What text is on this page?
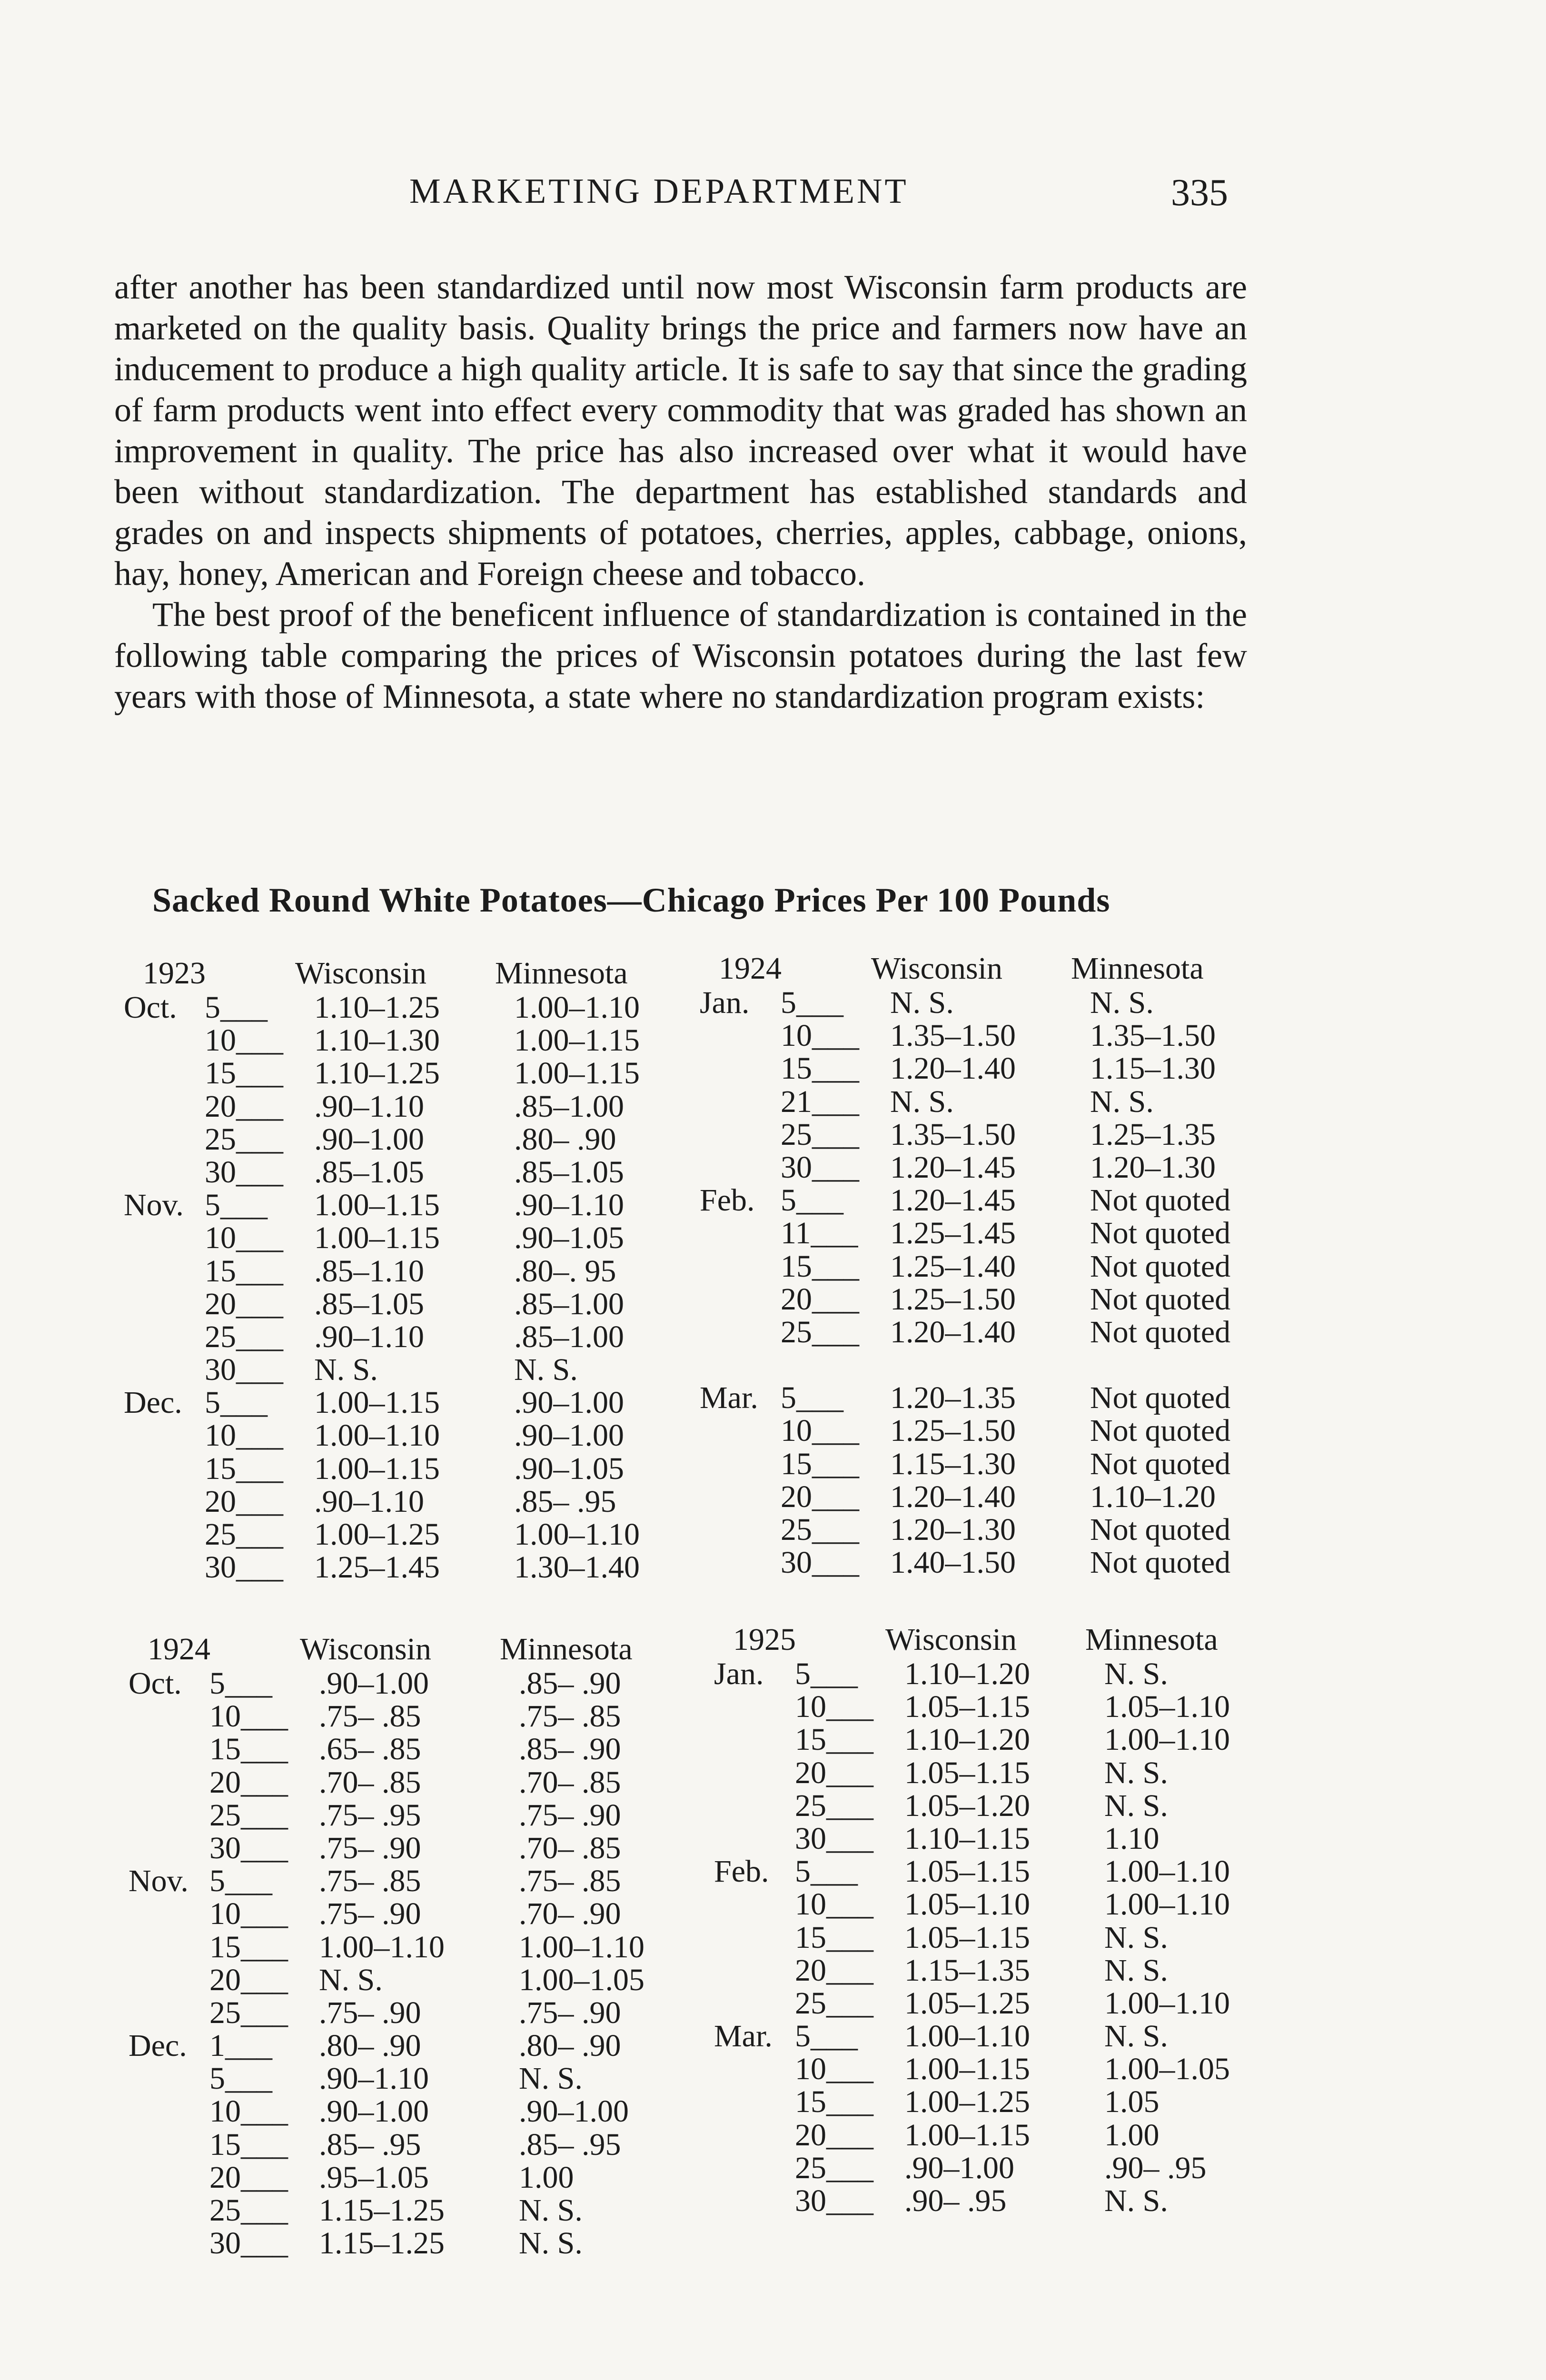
MARKETING DEPARTMENT	335

after another has been standardized until now most Wisconsin farm products are marketed on the quality basis. Quality brings the price and farmers now have an inducement to produce a high quality article. It is safe to say that since the grading of farm products went into effect every commodity that was graded has shown an improvement in quality. The price has also increased over what it would have been without standardization. The department has established standards and grades on and inspects shipments of potatoes, cherries, apples, cabbage, onions, hay, honey, American and Foreign cheese and tobacco.

The best proof of the beneficent influence of standardization is contained in the following table comparing the prices of Wisconsin potatoes during the last few years with those of Minnesota, a state where no standardization program exists:

Sacked Round White Potatoes—Chicago Prices Per 100 Pounds
1923	Wisconsin Minnesota
Oct. 5___ 1.10–1.25 1.00–1.10
10___ 1.10–1.30 1.00–1.15
15___ 1.10–1.25 1.00–1.15
20___ .90–1.10	.85–1.00
25___ .90–1.00	.80– .90
30___ .85–1.05	.85–1.05
Nov. 5___ 1.00–1.15 .90–1.10
10___ 1.00–1.15 .90–1.05
15___ .85–1.10	.80–. 95
20___ .85–1.05	.85–1.00
25___ .90–1.10	.85–1.00
30___ N. S.	N. S.
Dec. 5___ 1.00–1.15 .90–1.00
10___ 1.00–1.10 .90–1.00
15___ 1.00–1.15 .90–1.05
20___ .90–1.10	.85– .95
25___ 1.00–1.25 1.00–1.10
30___ 1.25–1.45 1.30–1.40
1924	Wisconsin Minnesota
Jan. 5___ N. S.	N. S.
10___ 1.35–1.50 1.35–1.50
15___ 1.20–1.40 1.15–1.30
21___ N. S.	N. S.
25___ 1.35–1.50 1.25–1.35
30___ 1.20–1.45 1.20–1.30
Feb. 5___ 1.20–1.45 Not quoted
11___ 1.25–1.45 Not quoted
15___ 1.25–1.40 Not quoted
20___ 1.25–1.50 Not quoted
25___ 1.20–1.40 Not quoted
Mar. 5___ 1.20–1.35 Not quoted
10___ 1.25–1.50 Not quoted
15___ 1.15–1.30 Not quoted
20___ 1.20–1.40 1.10–1.20
25___ 1.20–1.30 Not quoted
30___ 1.40–1.50 Not quoted
1924	Wisconsin Minnesota
Oct. 5___ .90–1.00	.85– .90
10___ .75– .85	.75– .85
15___ .65– .85	.85– .90
20___ .70– .85	.70– .85
25___ .75– .95	.75– .90
30___ .75– .90	.70– .85
Nov. 5___ .75– .85	.75– .85
10___ .75– .90	.70– .90
15___ 1.00–1.10 1.00–1.10
20___ N. S.	1.00–1.05
25___ .75– .90	.75– .90
Dec. 1___ .80– .90	.80– .90
5___ .90–1.10	N. S.
10___ .90–1.00	.90–1.00
15___ .85– .95	.85– .95
20___ .95–1.05	1.00
25___ 1.15–1.25 N. S.
30___ 1.15–1.25 N. S.
1925	Wisconsin Minnesota
Jan. 5___ 1.10–1.20 N. S.
10___ 1.05–1.15 1.05–1.10
15___ 1.10–1.20 1.00–1.10
20___ 1.05–1.15 N. S.
25___ 1.05–1.20 N. S.
30___ 1.10–1.15 1.10
Feb. 5___ 1.05–1.15 1.00–1.10
10___ 1.05–1.10 1.00–1.10
15___ 1.05–1.15 N. S.
20___ 1.15–1.35 N. S.
25___ 1.05–1.25 1.00–1.10
Mar. 5___ 1.00–1.10 N. S.
10___ 1.00–1.15 1.00–1.05
15___ 1.00–1.25 1.05
20___ 1.00–1.15 1.00
25___ .90–1.00	.90– .95
30___ .90– .95	N. S.
